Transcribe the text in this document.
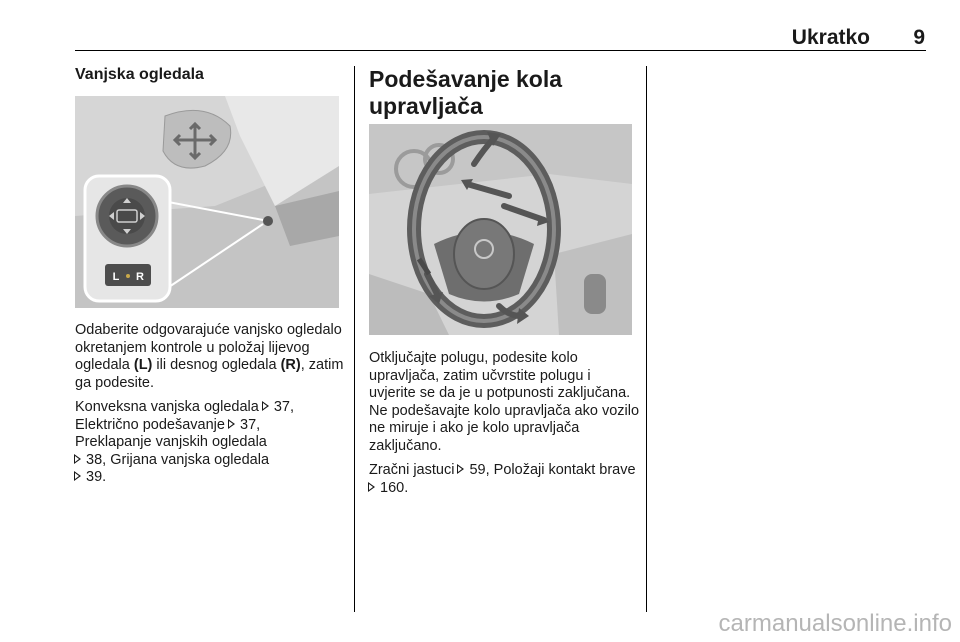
Ukratko	9
Vanjska ogledala
L R

Odaberite odgovarajuće vanjsko ogledalo okretanjem kontrole u položaj lijevog ogledala (L) ili desnog ogledala (R), zatim ga podesite.

Konveksna vanjska ogledala  37,
Električno podešavanje  37,
Preklapanje vanjskih ogledala
38, Grijana vanjska ogledala
39.

Podešavanje kola upravljača

Otključajte polugu, podesite kolo upravljača, zatim učvrstite polugu i uvjerite se da je u potpunosti zaključana. Ne podešavajte kolo upravljača ako vozilo ne miruje i ako je kolo upravljača zaključano.

Zračni jastuci  59, Položaji kontakt brave  160.

carmanualsonline.info
